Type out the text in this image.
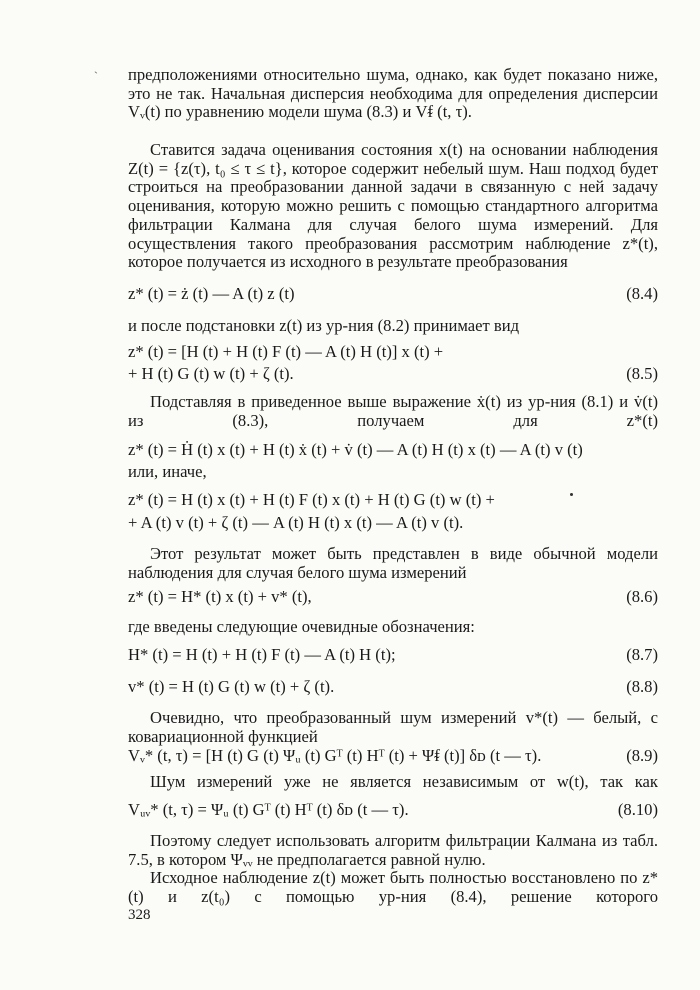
ˏ предположениями относительно шума, однако, как будет показано ниже, это не так. Начальная дисперсия необходима для определения дисперсии Vᵥ(t) по уравнению модели шума (8.3) и Vᵮ (t, τ).

Ставится задача оценивания состояния x(t) на основании наблюдения Z(t) = {z(τ), t₀ ≤ τ ≤ t}, которое содержит небелый шум. Наш подход будет строиться на преобразовании данной задачи в связанную с ней задачу оценивания, которую можно решить с помощью стандартного алгоритма фильтрации Калмана для случая белого шума измерений. Для осуществления такого преобразования рассмотрим наблюдение z*(t), которое получается из исходного в результате преобразования

z* (t) = ż (t) — A (t) z (t)	(8.4)

и после подстановки z(t) из ур-ния (8.2) принимает вид

z* (t) = [H (t) + H (t) F (t) — A (t) H (t)] x (t) +
+ H (t) G (t) w (t) + ζ (t).	(8.5)

Подставляя в приведенное выше выражение ẋ(t) из ур-ния (8.1) и v̇(t) из (8.3), получаем для z*(t)

z* (t) = Ḣ (t) x (t) + H (t) ẋ (t) + v̇ (t) — A (t) H (t) x (t) — A (t) v (t)

или, иначе,

z* (t) = H (t) x (t) + H (t) F (t) x (t) + H (t) G (t) w (t) +
+ A (t) v (t) + ζ (t) — A (t) H (t) x (t) — A (t) v (t).

Этот результат может быть представлен в виде обычной модели наблюдения для случая белого шума измерений

z* (t) = H* (t) x (t) + v* (t),	(8.6)

где введены следующие очевидные обозначения:

H* (t) = H (t) + H (t) F (t) — A (t) H (t);	(8.7)
v* (t) = H (t) G (t) w (t) + ζ (t).	(8.8)

Очевидно, что преобразованный шум измерений v*(t) — белый, с ковариационной функцией

Vᵥ* (t, τ) = [H (t) G (t) Ψᵤ (t) Gᵀ (t) Hᵀ (t) + Ψᵮ (t)] δᴅ (t — τ).	(8.9)

Шум измерений уже не является независимым от w(t), так как

Vᵤᵥ* (t, τ) = Ψᵤ (t) Gᵀ (t) Hᵀ (t) δᴅ (t — τ).	(8.10)

Поэтому следует использовать алгоритм фильтрации Калмана из табл. 7.5, в котором Ψᵥᵥ не предполагается равной нулю.

Исходное наблюдение z(t) может быть полностью восстановлено по z*(t) и z(t₀) с помощью ур-ния (8.4), решение которого

328
